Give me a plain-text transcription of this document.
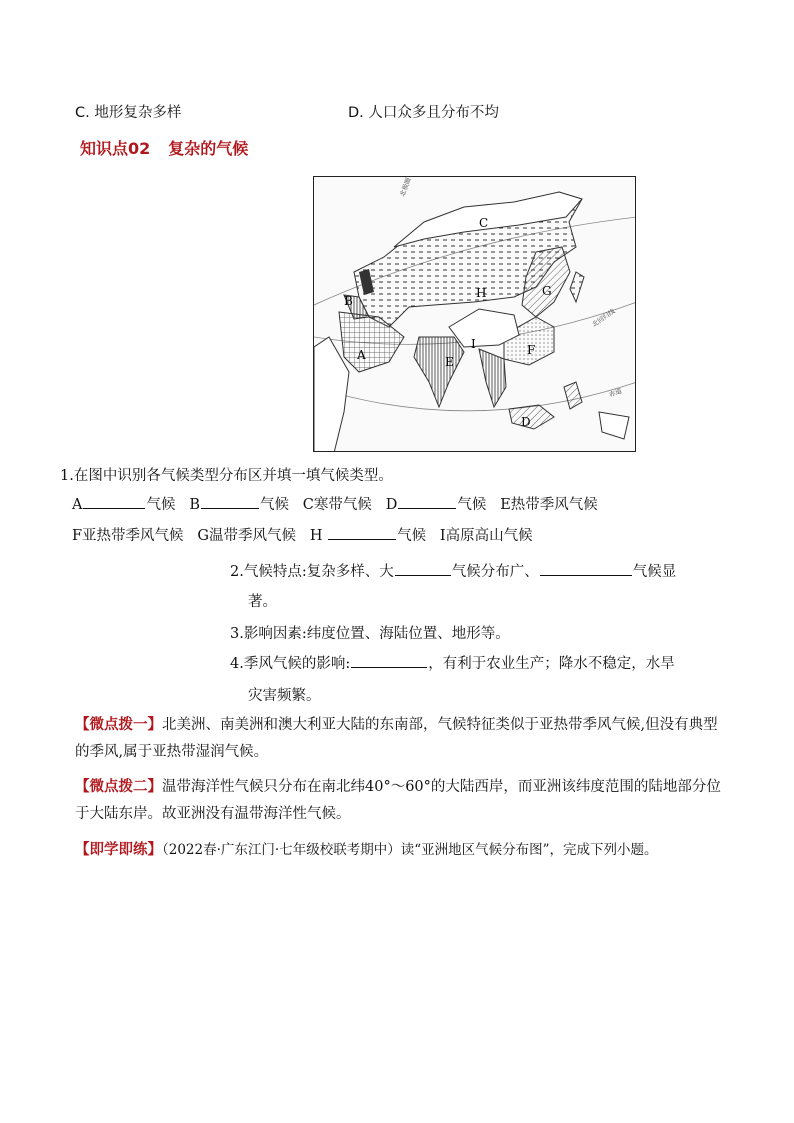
C. 地形复杂多样	D. 人口众多且分布不均
知识点02 复杂的气候
A
B
C
D
E
F
G
H
I
北极圈
北回归线
赤道
1.在图中识别各气候类型分布区并填一填气候类型。
A	气候 B	气候 C寒带气候 D	气候 E热带季风气候
F亚热带季风气候 G温带季风气候 H	气候 I高原高山气候
2.气候特点:复杂多样、大	气候分布广、	气候显
著。
3.影响因素:纬度位置、海陆位置、地形等。
4.季风气候的影响:	，有利于农业生产；降水不稳定，水旱
灾害频繁。
【微点拨一】北美洲、南美洲和澳大利亚大陆的东南部，气候特征类似于亚热带季风气候,但没有典型的季风,属于亚热带湿润气候。
【微点拨二】温带海洋性气候只分布在南北纬40°～60°的大陆西岸，而亚洲该纬度范围的陆地部分位于大陆东岸。故亚洲没有温带海洋性气候。
【即学即练】（2022春·广东江门·七年级校联考期中）读“亚洲地区气候分布图”，完成下列小题。
